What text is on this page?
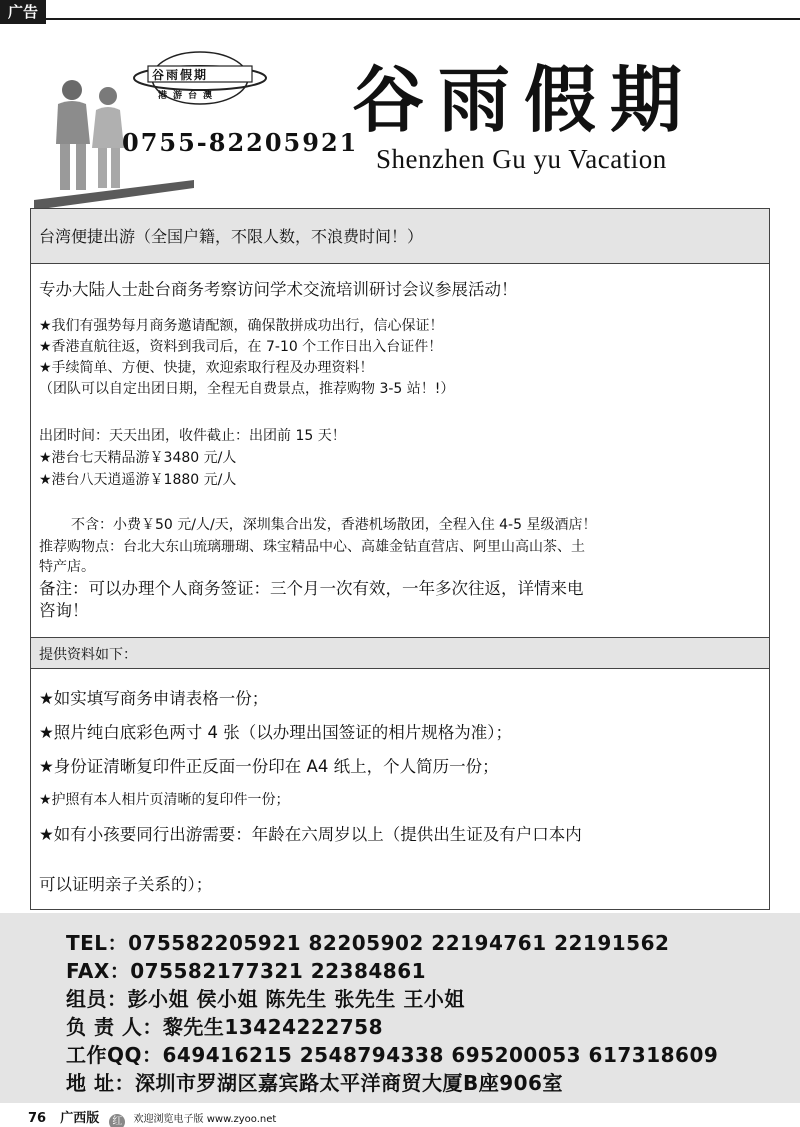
广告
谷雨假期
港游台澳
0755-82205921
谷雨假期
Shenzhen Gu yu Vacation
台湾便捷出游（全国户籍，不限人数，不浪费时间！）
专办大陆人士赴台商务考察访问学术交流培训研讨会议参展活动！
★我们有强势每月商务邀请配额，确保散拼成功出行，信心保证！
★香港直航往返，资料到我司后，在 7-10 个工作日出入台证件！
★手续简单、方便、快捷，欢迎索取行程及办理资料！
（团队可以自定出团日期，全程无自费景点，推荐购物 3-5 站！!）
出团时间：天天出团，收件截止：出团前 15 天！
★港台七天精品游￥3480 元/人
★港台八天逍遥游￥1880 元/人
不含：小费￥50 元/人/天，深圳集合出发，香港机场散团，全程入住 4-5 星级酒店！
推荐购物点：台北大东山琉璃珊瑚、珠宝精品中心、高雄金钻直营店、阿里山高山茶、土
特产店。
备注：可以办理个人商务签证：三个月一次有效，一年多次往返，详情来电
咨询！
提供资料如下：
★如实填写商务申请表格一份；
★照片纯白底彩色两寸 4 张（以办理出国签证的相片规格为准）；
★身份证清晰复印件正反面一份印在 A4 纸上，个人简历一份；
★护照有本人相片页清晰的复印件一份；
★如有小孩要同行出游需要：年龄在六周岁以上（提供出生证及有户口本内
可以证明亲子关系的）；
TEL：075582205921 82205902 22194761 22191562
FAX：075582177321 22384861
组员：彭小姐 侯小姐 陈先生 张先生 王小姐
负 责 人：黎先生13424222758
工作QQ：649416215 2548794338 695200053 617318609
地 址：深圳市罗湖区嘉宾路太平洋商贸大厦B座906室
76 广西版 红 欢迎浏览电子版 www.zyoo.net
